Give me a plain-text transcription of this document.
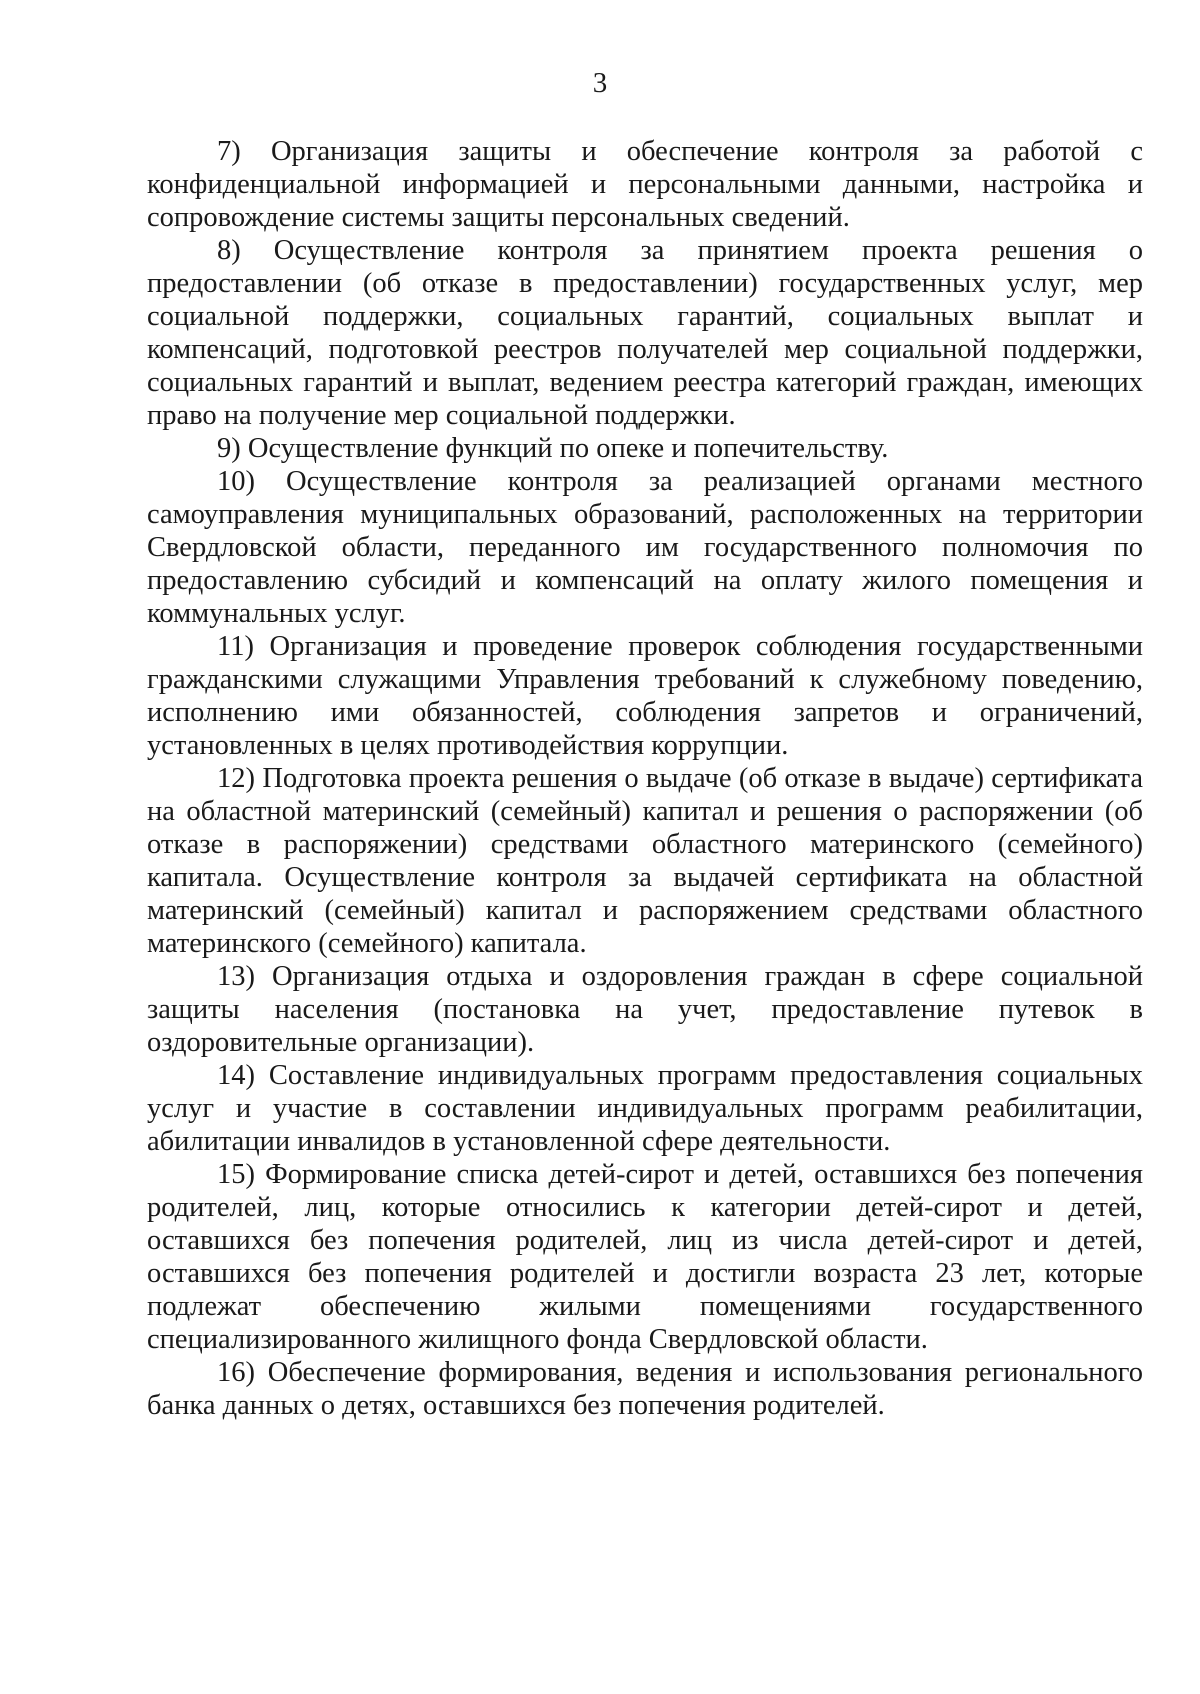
3

7) Организация защиты и обеспечение контроля за работой с конфиденциальной информацией и персональными данными, настройка и сопровождение системы защиты персональных сведений.

8) Осуществление контроля за принятием проекта решения о предоставлении (об отказе в предоставлении) государственных услуг, мер социальной поддержки, социальных гарантий, социальных выплат и компенсаций, подготовкой реестров получателей мер социальной поддержки, социальных гарантий и выплат, ведением реестра категорий граждан, имеющих право на получение мер социальной поддержки.

9) Осуществление функций по опеке и попечительству.

10) Осуществление контроля за реализацией органами местного самоуправления муниципальных образований, расположенных на территории Свердловской области, переданного им государственного полномочия по предоставлению субсидий и компенсаций на оплату жилого помещения и коммунальных услуг.

11) Организация и проведение проверок соблюдения государственными гражданскими служащими Управления требований к служебному поведению, исполнению ими обязанностей, соблюдения запретов и ограничений, установленных в целях противодействия коррупции.

12) Подготовка проекта решения о выдаче (об отказе в выдаче) сертификата на областной материнский (семейный) капитал и решения о распоряжении (об отказе в распоряжении) средствами областного материнского (семейного) капитала. Осуществление контроля за выдачей сертификата на областной материнский (семейный) капитал и распоряжением средствами областного материнского (семейного) капитала.

13) Организация отдыха и оздоровления граждан в сфере социальной защиты населения (постановка на учет, предоставление путевок в оздоровительные организации).

14) Составление индивидуальных программ предоставления социальных услуг и участие в составлении индивидуальных программ реабилитации, абилитации инвалидов в установленной сфере деятельности.

15) Формирование списка детей-сирот и детей, оставшихся без попечения родителей, лиц, которые относились к категории детей-сирот и детей, оставшихся без попечения родителей, лиц из числа детей-сирот и детей, оставшихся без попечения родителей и достигли возраста 23 лет, которые подлежат обеспечению жилыми помещениями государственного специализированного жилищного фонда Свердловской области.

16) Обеспечение формирования, ведения и использования регионального банка данных о детях, оставшихся без попечения родителей.
